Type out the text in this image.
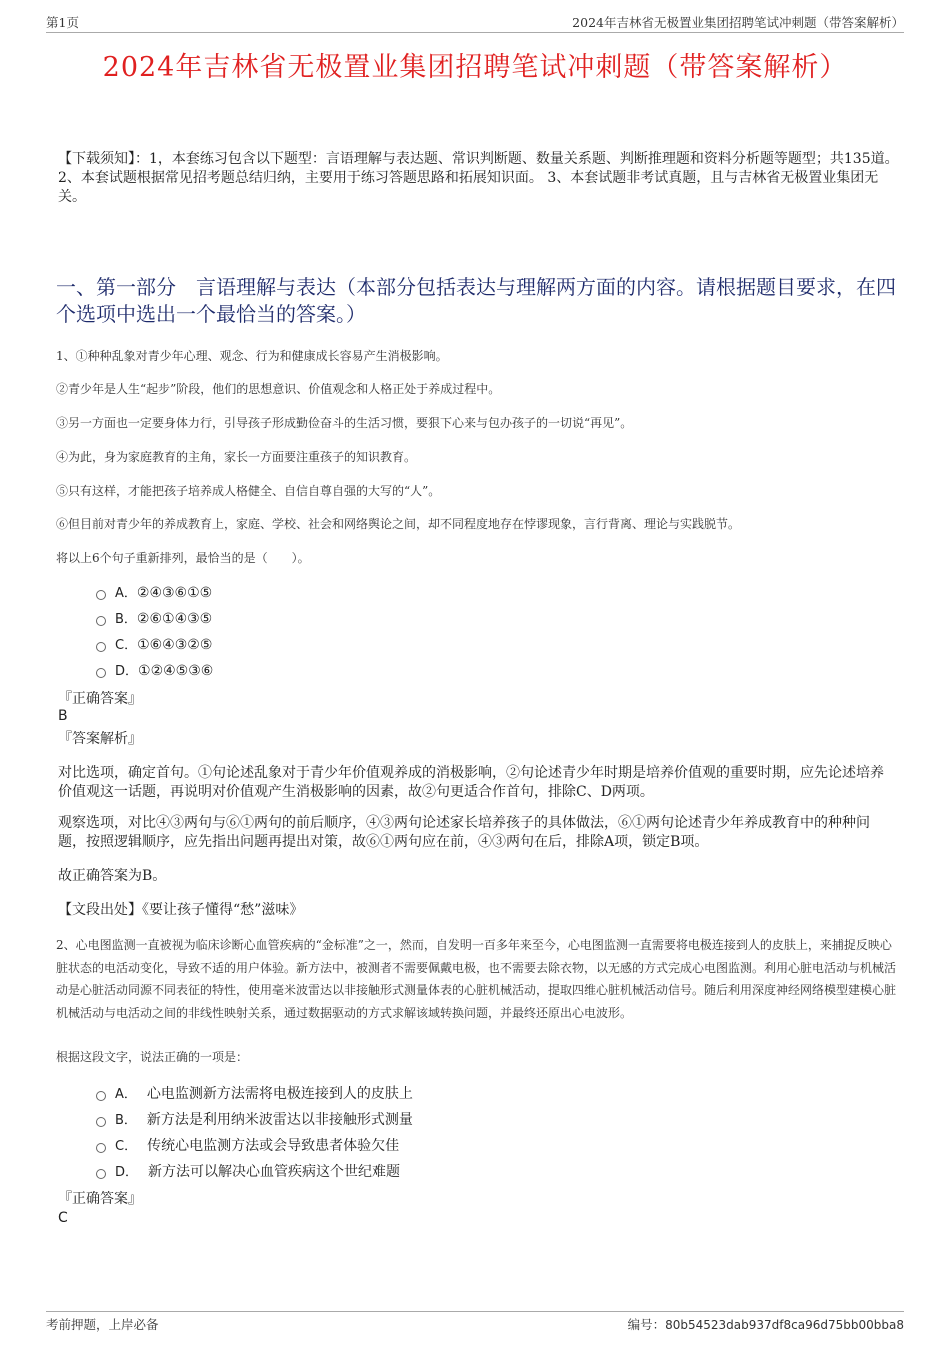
第1页	2024年吉林省无极置业集团招聘笔试冲刺题（带答案解析）
2024年吉林省无极置业集团招聘笔试冲刺题（带答案解析）
【下载须知】：1，本套练习包含以下题型：言语理解与表达题、常识判断题、数量关系题、判断推理题和资料分析题等题型；共135道。 2、本套试题根据常见招考题总结归纳，主要用于练习答题思路和拓展知识面。 3、本套试题非考试真题，且与吉林省无极置业集团无关。
一、第一部分　言语理解与表达（本部分包括表达与理解两方面的内容。请根据题目要求，在四个选项中选出一个最恰当的答案。）
1、①种种乱象对青少年心理、观念、行为和健康成长容易产生消极影响。
②青少年是人生“起步”阶段，他们的思想意识、价值观念和人格正处于养成过程中。
③另一方面也一定要身体力行，引导孩子形成勤俭奋斗的生活习惯，要狠下心来与包办孩子的一切说“再见”。
④为此，身为家庭教育的主角，家长一方面要注重孩子的知识教育。
⑤只有这样，才能把孩子培养成人格健全、自信自尊自强的大写的“人”。
⑥但目前对青少年的养成教育上，家庭、学校、社会和网络舆论之间，却不同程度地存在悖谬现象，言行背离、理论与实践脱节。
将以上6个句子重新排列，最恰当的是（　　）。
A．②④③⑥①⑤
B．②⑥①④③⑤
C．①⑥④③②⑤
D．①②④⑤③⑥
『正确答案』
B
『答案解析』
对比选项，确定首句。①句论述乱象对于青少年价值观养成的消极影响，②句论述青少年时期是培养价值观的重要时期，应先论述培养价值观这一话题，再说明对价值观产生消极影响的因素，故②句更适合作首句，排除C、D两项。
观察选项，对比④③两句与⑥①两句的前后顺序，④③两句论述家长培养孩子的具体做法，⑥①两句论述青少年养成教育中的种种问题，按照逻辑顺序，应先指出问题再提出对策，故⑥①两句应在前，④③两句在后，排除A项，锁定B项。
故正确答案为B。
【文段出处】《要让孩子懂得“愁”滋味》
2、心电图监测一直被视为临床诊断心血管疾病的“金标准”之一，然而，自发明一百多年来至今，心电图监测一直需要将电极连接到人的皮肤上，来捕捉反映心脏状态的电活动变化，导致不适的用户体验。新方法中，被测者不需要佩戴电极，也不需要去除衣物，以无感的方式完成心电图监测。利用心脏电活动与机械活动是心脏活动同源不同表征的特性，使用毫米波雷达以非接触形式测量体表的心脏机械活动，提取四维心脏机械活动信号。随后利用深度神经网络模型建模心脏机械活动与电活动之间的非线性映射关系，通过数据驱动的方式求解该域转换问题，并最终还原出心电波形。
根据这段文字，说法正确的一项是：
A． 心电监测新方法需将电极连接到人的皮肤上
B． 新方法是利用纳米波雷达以非接触形式测量
C． 传统心电监测方法或会导致患者体验欠佳
D． 新方法可以解决心血管疾病这个世纪难题
『正确答案』
C
考前押题，上岸必备	编号：80b54523dab937df8ca96d75bb00bba8
